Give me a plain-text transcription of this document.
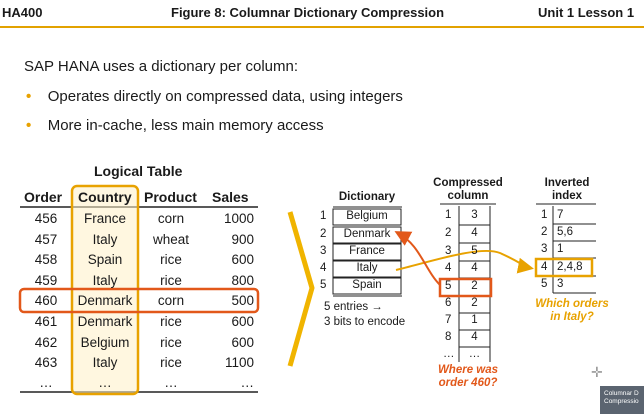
HA400	Figure 8: Columnar Dictionary Compression	Unit 1 Lesson 1
SAP HANA uses a dictionary per column:
• Operates directly on compressed data, using integers
• More in-cache, less main memory access
Logical Table
Order Country Product Sales
456	France	corn	1000
457	Italy	wheat	900
458	Spain	rice	600
459	Italy	rice	800
460	Denmark	corn	500
461	Denmark	rice	600
462	Belgium	rice	600
463	Italy	rice	1100
…	…	…	…
Dictionary
1	Belgium
2	Denmark
3	France
4	Italy
5	Spain
5 entries →
3 bits to encode
Compressed
column
1	3
2	4
3	5
4	4
5	2
6	2
7	1
8	4
…	…
Where was
order 460?
Inverted
index
1 7
2 5,6
3 1
4 2,4,8
5 3
Which orders
in Italy?
✛
Columnar D
Compressio
